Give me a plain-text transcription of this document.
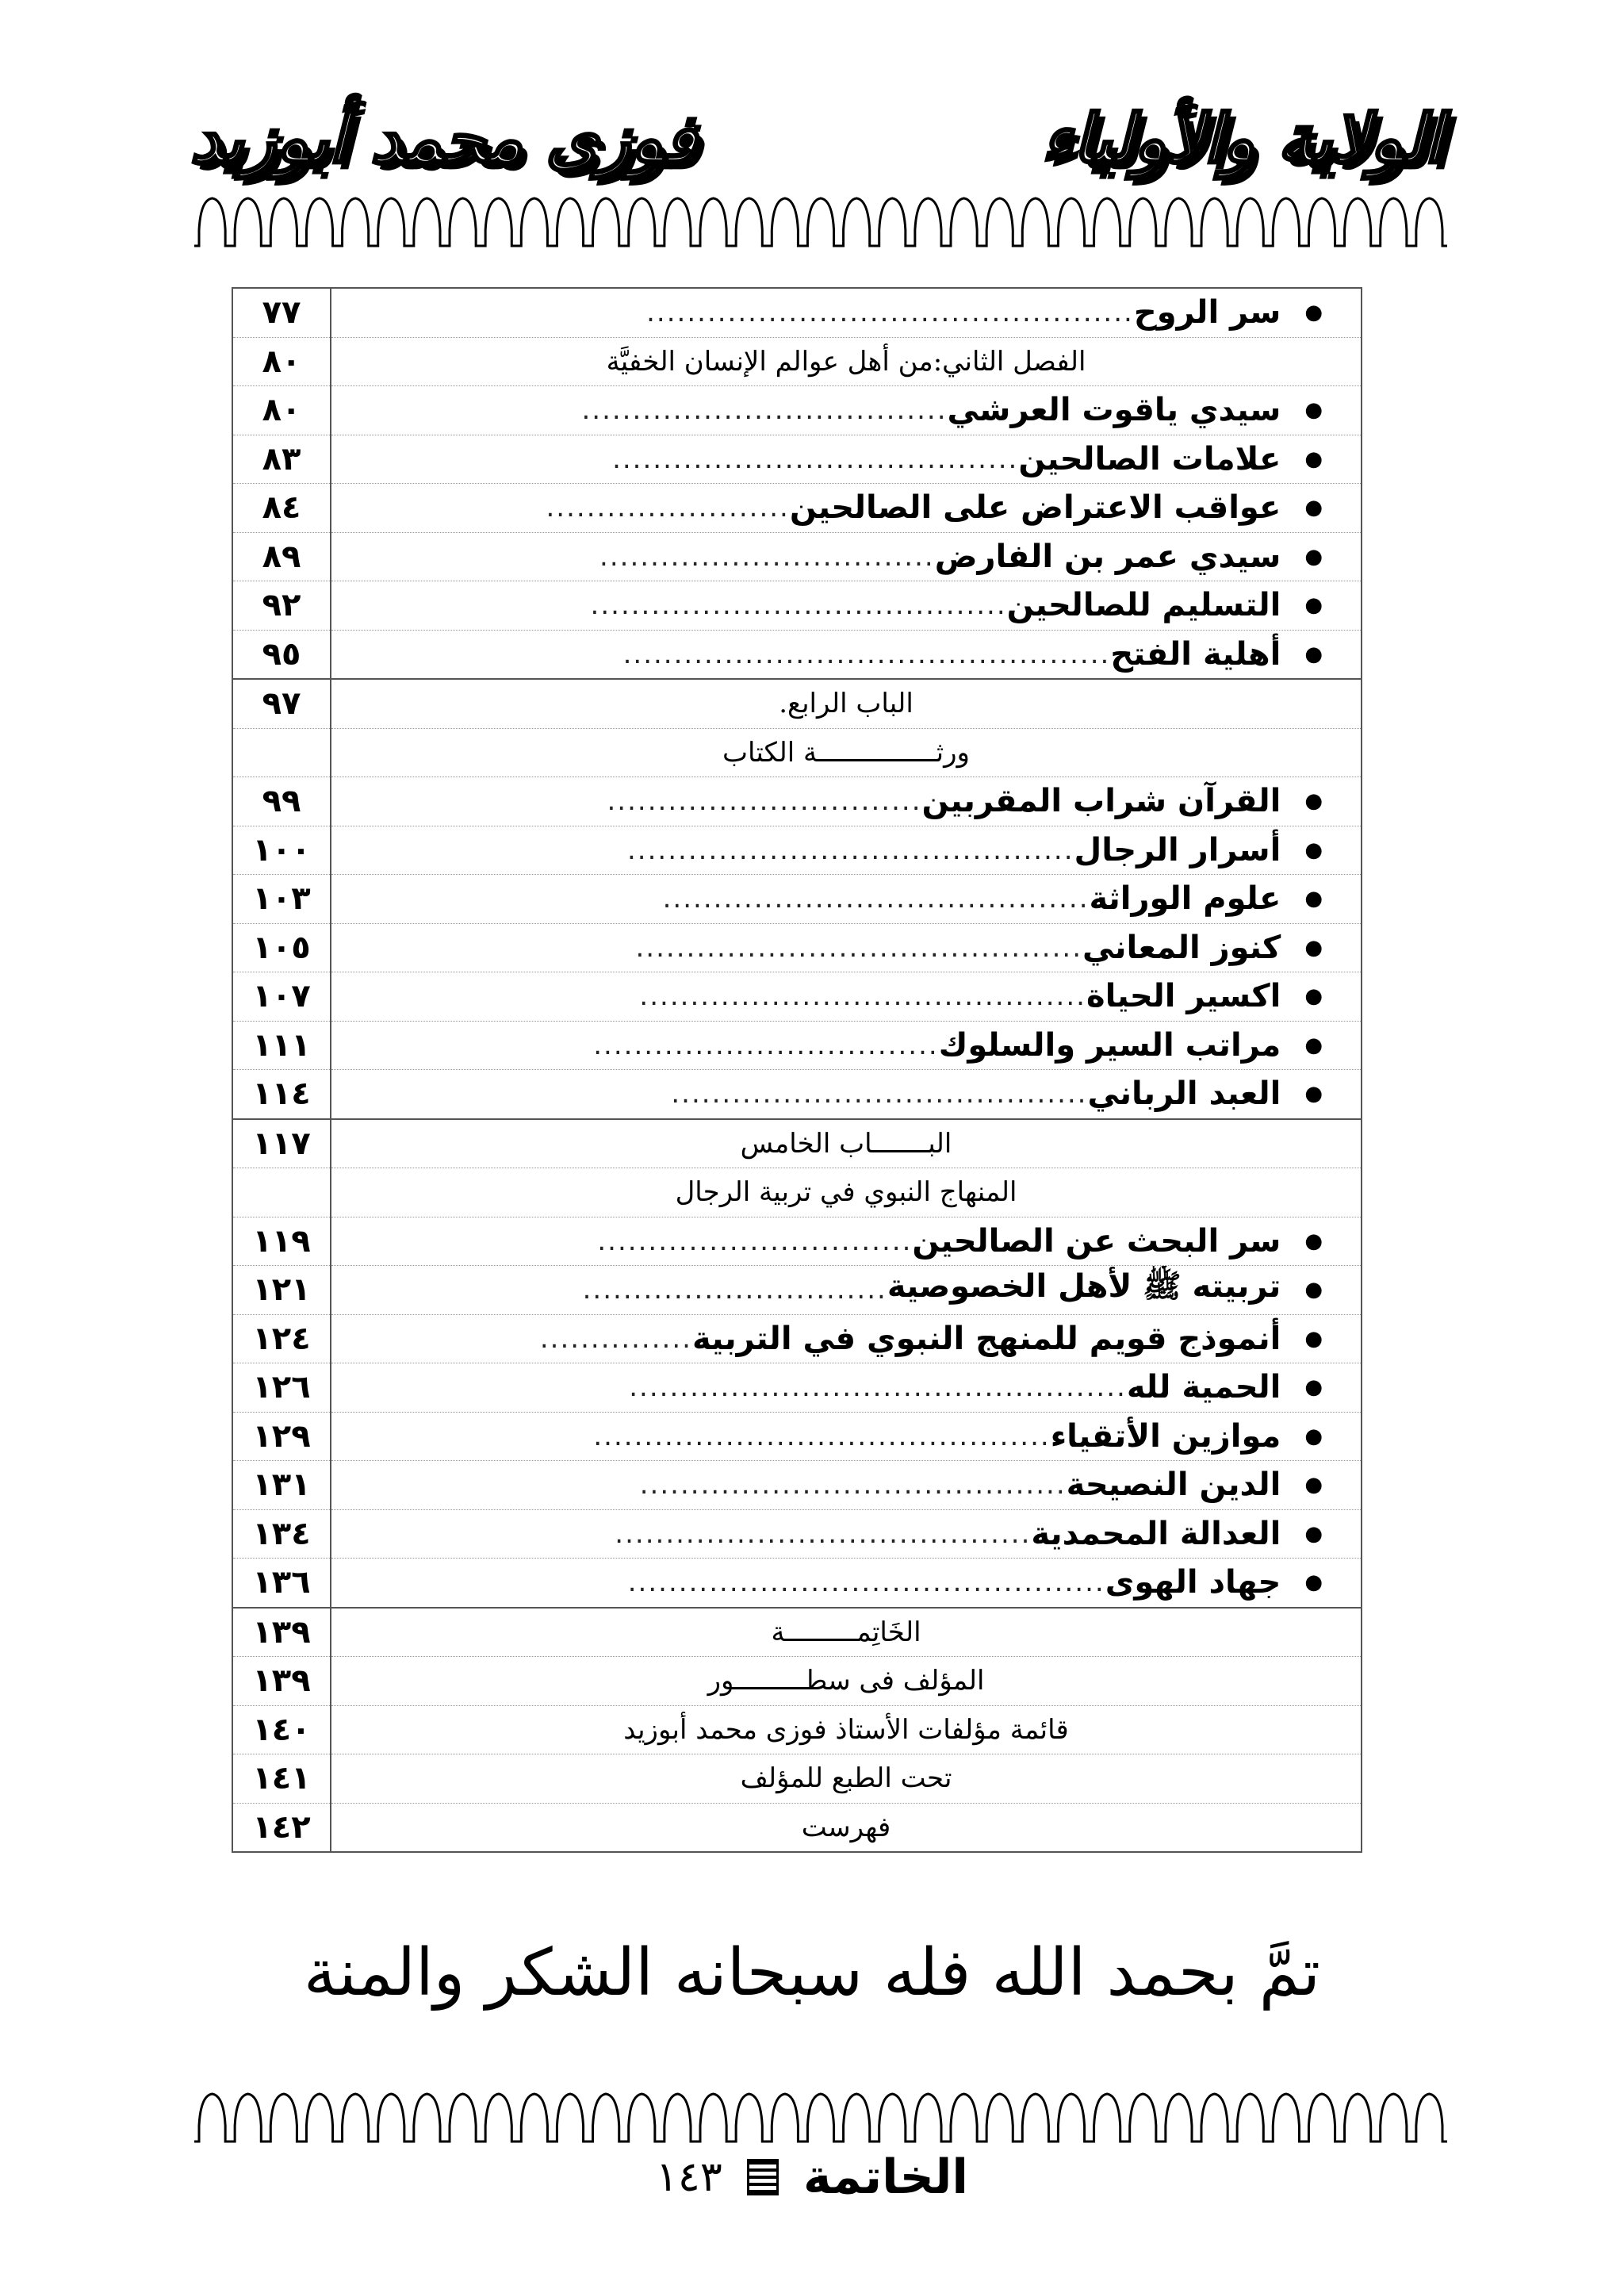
الولاية والأولياء
فوزى محمد أبوزيد
●
سر الروح
................................................	٧٧

الفصل الثاني:من أهل عوالم الإنسان الخفيَّة	٨٠

●
سيدي ياقوت العرشي
....................................	٨٠

●
علامات الصالحين
........................................	٨٣

●
عواقب الاعتراض على الصالحين
........................	٨٤

●
سيدي عمر بن الفارض
.................................	٨٩

●
التسليم للصالحين
.........................................	٩٢

●
أهلية الفتح
................................................	٩٥

الباب الرابع.	٩٧

ورثـــــــــــــــة الكتاب	

●
القرآن شراب المقربين
...............................	٩٩

●
أسرار الرجال
............................................	١٠٠

●
علوم الوراثة
..........................................	١٠٣

●
كنوز المعاني
............................................	١٠٥

●
اكسير الحياة
............................................	١٠٧

●
مراتب السير والسلوك
..................................	١١١

●
العبد الرباني
.........................................	١١٤

البـــــــاب الخامس	١١٧

المنهاج النبوي في تربية الرجال	

●
سر البحث عن الصالحين
...............................	١١٩

●
تربيته ﷺ لأهل الخصوصية
..............................	١٢١

●
أنموذج قويم للمنهج النبوي في التربية
...............	١٢٤

●
الحمية لله
.................................................	١٢٦

●
موازين الأتقياء
.............................................	١٢٩

●
الدين النصيحة
..........................................	١٣١

●
العدالة المحمدية
.........................................	١٣٤

●
جهاد الهوى
...............................................	١٣٦

الخَاتِمـــــــــة	١٣٩

المؤلف فى سطـــــــــور	١٣٩

قائمة مؤلفات الأستاذ فوزى محمد أبوزيد	١٤٠

تحت الطبع للمؤلف	١٤١

فهرست	١٤٢
تمَّ بحمد الله فله سبحانه الشكر والمنة
الخاتمة  ١٤٣
